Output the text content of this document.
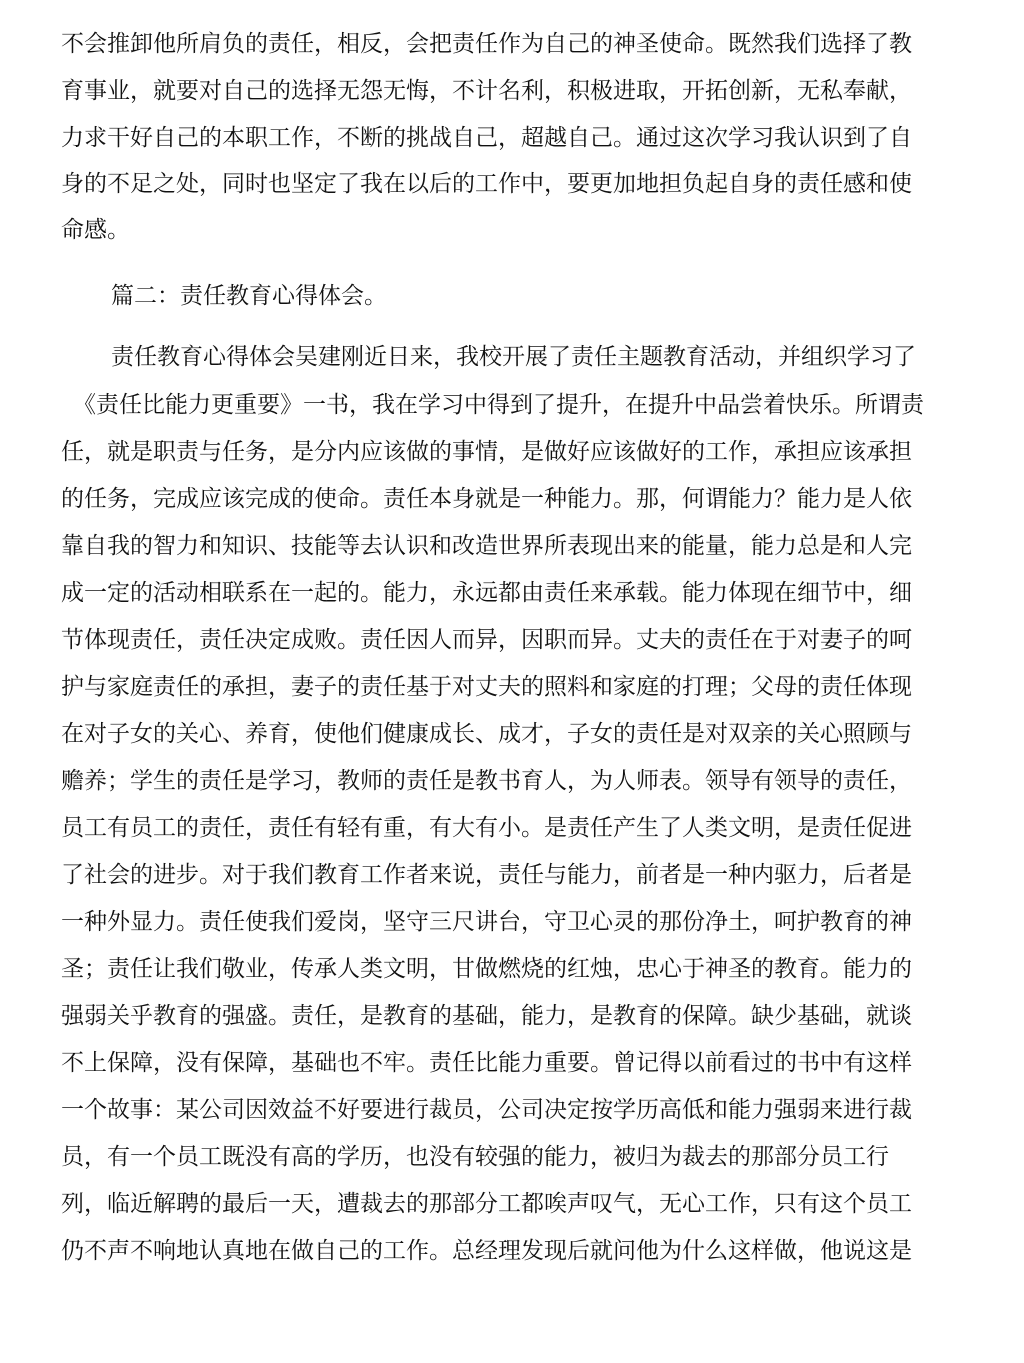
不会推卸他所肩负的责任，相反，会把责任作为自己的神圣使命。既然我们选择了教
育事业，就要对自己的选择无怨无悔，不计名利，积极进取，开拓创新，无私奉献，
力求干好自己的本职工作，不断的挑战自己，超越自己。通过这次学习我认识到了自
身的不足之处，同时也坚定了我在以后的工作中，要更加地担负起自身的责任感和使
命感。
篇二：责任教育心得体会。
责任教育心得体会吴建刚近日来，我校开展了责任主题教育活动，并组织学习了
《责任比能力更重要》一书，我在学习中得到了提升，在提升中品尝着快乐。所谓责
任，就是职责与任务，是分内应该做的事情，是做好应该做好的工作，承担应该承担
的任务，完成应该完成的使命。责任本身就是一种能力。那，何谓能力？能力是人依
靠自我的智力和知识、技能等去认识和改造世界所表现出来的能量，能力总是和人完
成一定的活动相联系在一起的。能力，永远都由责任来承载。能力体现在细节中，细
节体现责任，责任决定成败。责任因人而异，因职而异。丈夫的责任在于对妻子的呵
护与家庭责任的承担，妻子的责任基于对丈夫的照料和家庭的打理；父母的责任体现
在对子女的关心、养育，使他们健康成长、成才，子女的责任是对双亲的关心照顾与
赡养；学生的责任是学习，教师的责任是教书育人，为人师表。领导有领导的责任，
员工有员工的责任，责任有轻有重，有大有小。是责任产生了人类文明，是责任促进
了社会的进步。对于我们教育工作者来说，责任与能力，前者是一种内驱力，后者是
一种外显力。责任使我们爱岗，坚守三尺讲台，守卫心灵的那份净土，呵护教育的神
圣；责任让我们敬业，传承人类文明，甘做燃烧的红烛，忠心于神圣的教育。能力的
强弱关乎教育的强盛。责任，是教育的基础，能力，是教育的保障。缺少基础，就谈
不上保障，没有保障，基础也不牢。责任比能力重要。曾记得以前看过的书中有这样
一个故事：某公司因效益不好要进行裁员，公司决定按学历高低和能力强弱来进行裁
员，有一个员工既没有高的学历，也没有较强的能力，被归为裁去的那部分员工行
列，临近解聘的最后一天，遭裁去的那部分工都唉声叹气，无心工作，只有这个员工
仍不声不响地认真地在做自己的工作。总经理发现后就问他为什么这样做，他说这是
